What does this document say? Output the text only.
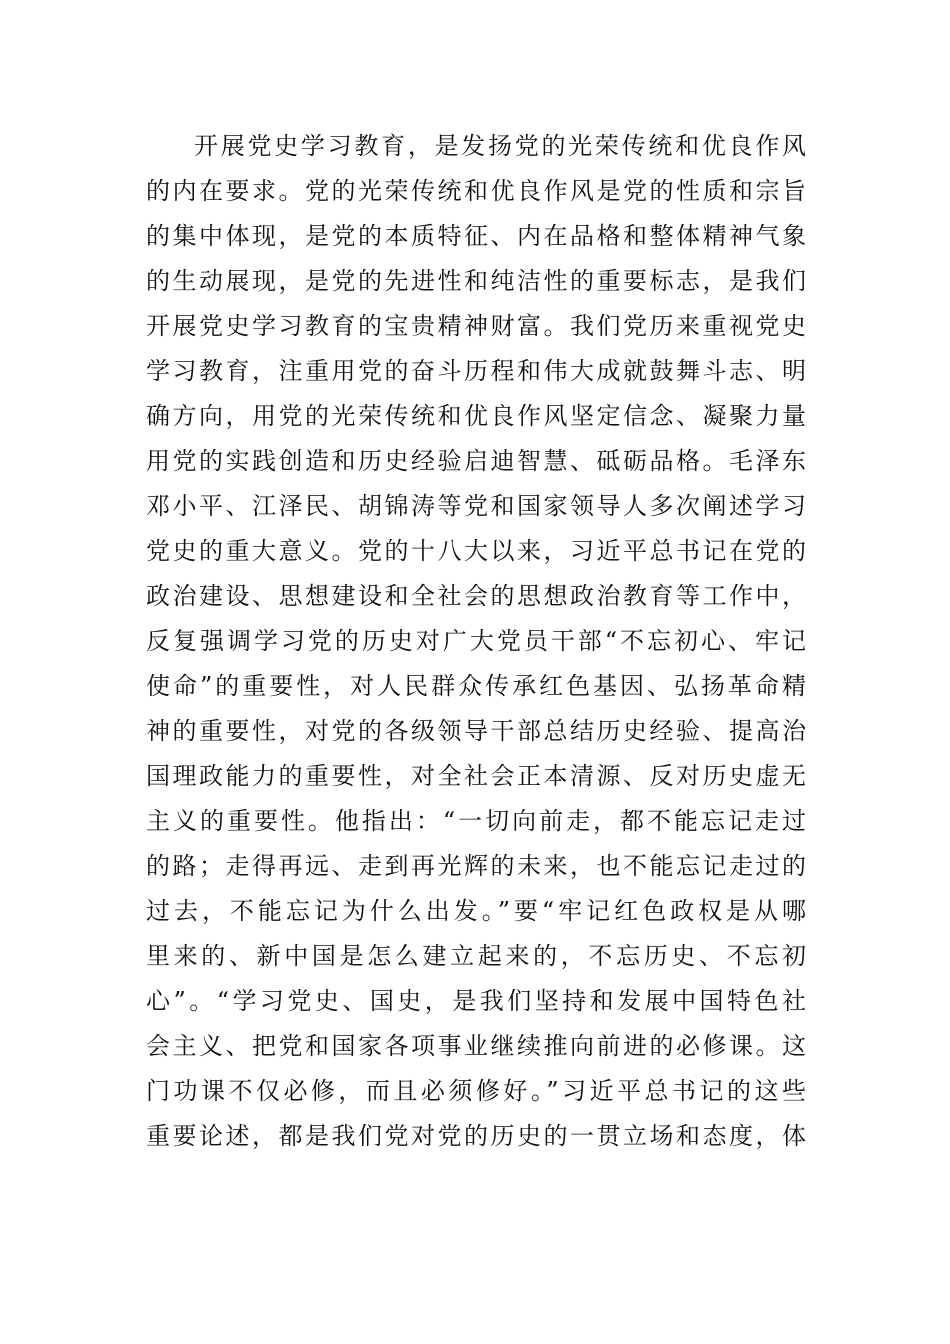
开展党史学习教育，是发扬党的光荣传统和优良作风
的内在要求。党的光荣传统和优良作风是党的性质和宗旨
的集中体现，是党的本质特征、内在品格和整体精神气象
的生动展现，是党的先进性和纯洁性的重要标志，是我们
开展党史学习教育的宝贵精神财富。我们党历来重视党史
学习教育，注重用党的奋斗历程和伟大成就鼓舞斗志、明
确方向，用党的光荣传统和优良作风坚定信念、凝聚力量
用党的实践创造和历史经验启迪智慧、砥砺品格。毛泽东
邓小平、江泽民、胡锦涛等党和国家领导人多次阐述学习
党史的重大意义。党的十八大以来，习近平总书记在党的
政治建设、思想建设和全社会的思想政治教育等工作中，
反复强调学习党的历史对广大党员干部“不忘初心、牢记
使命”的重要性，对人民群众传承红色基因、弘扬革命精
神的重要性，对党的各级领导干部总结历史经验、提高治
国理政能力的重要性，对全社会正本清源、反对历史虚无
主义的重要性。他指出：“一切向前走，都不能忘记走过
的路；走得再远、走到再光辉的未来，也不能忘记走过的
过去，不能忘记为什么出发。”要“牢记红色政权是从哪
里来的、新中国是怎么建立起来的，不忘历史、不忘初
心”。“学习党史、国史，是我们坚持和发展中国特色社
会主义、把党和国家各项事业继续推向前进的必修课。这
门功课不仅必修，而且必须修好。”习近平总书记的这些
重要论述，都是我们党对党的历史的一贯立场和态度，体
